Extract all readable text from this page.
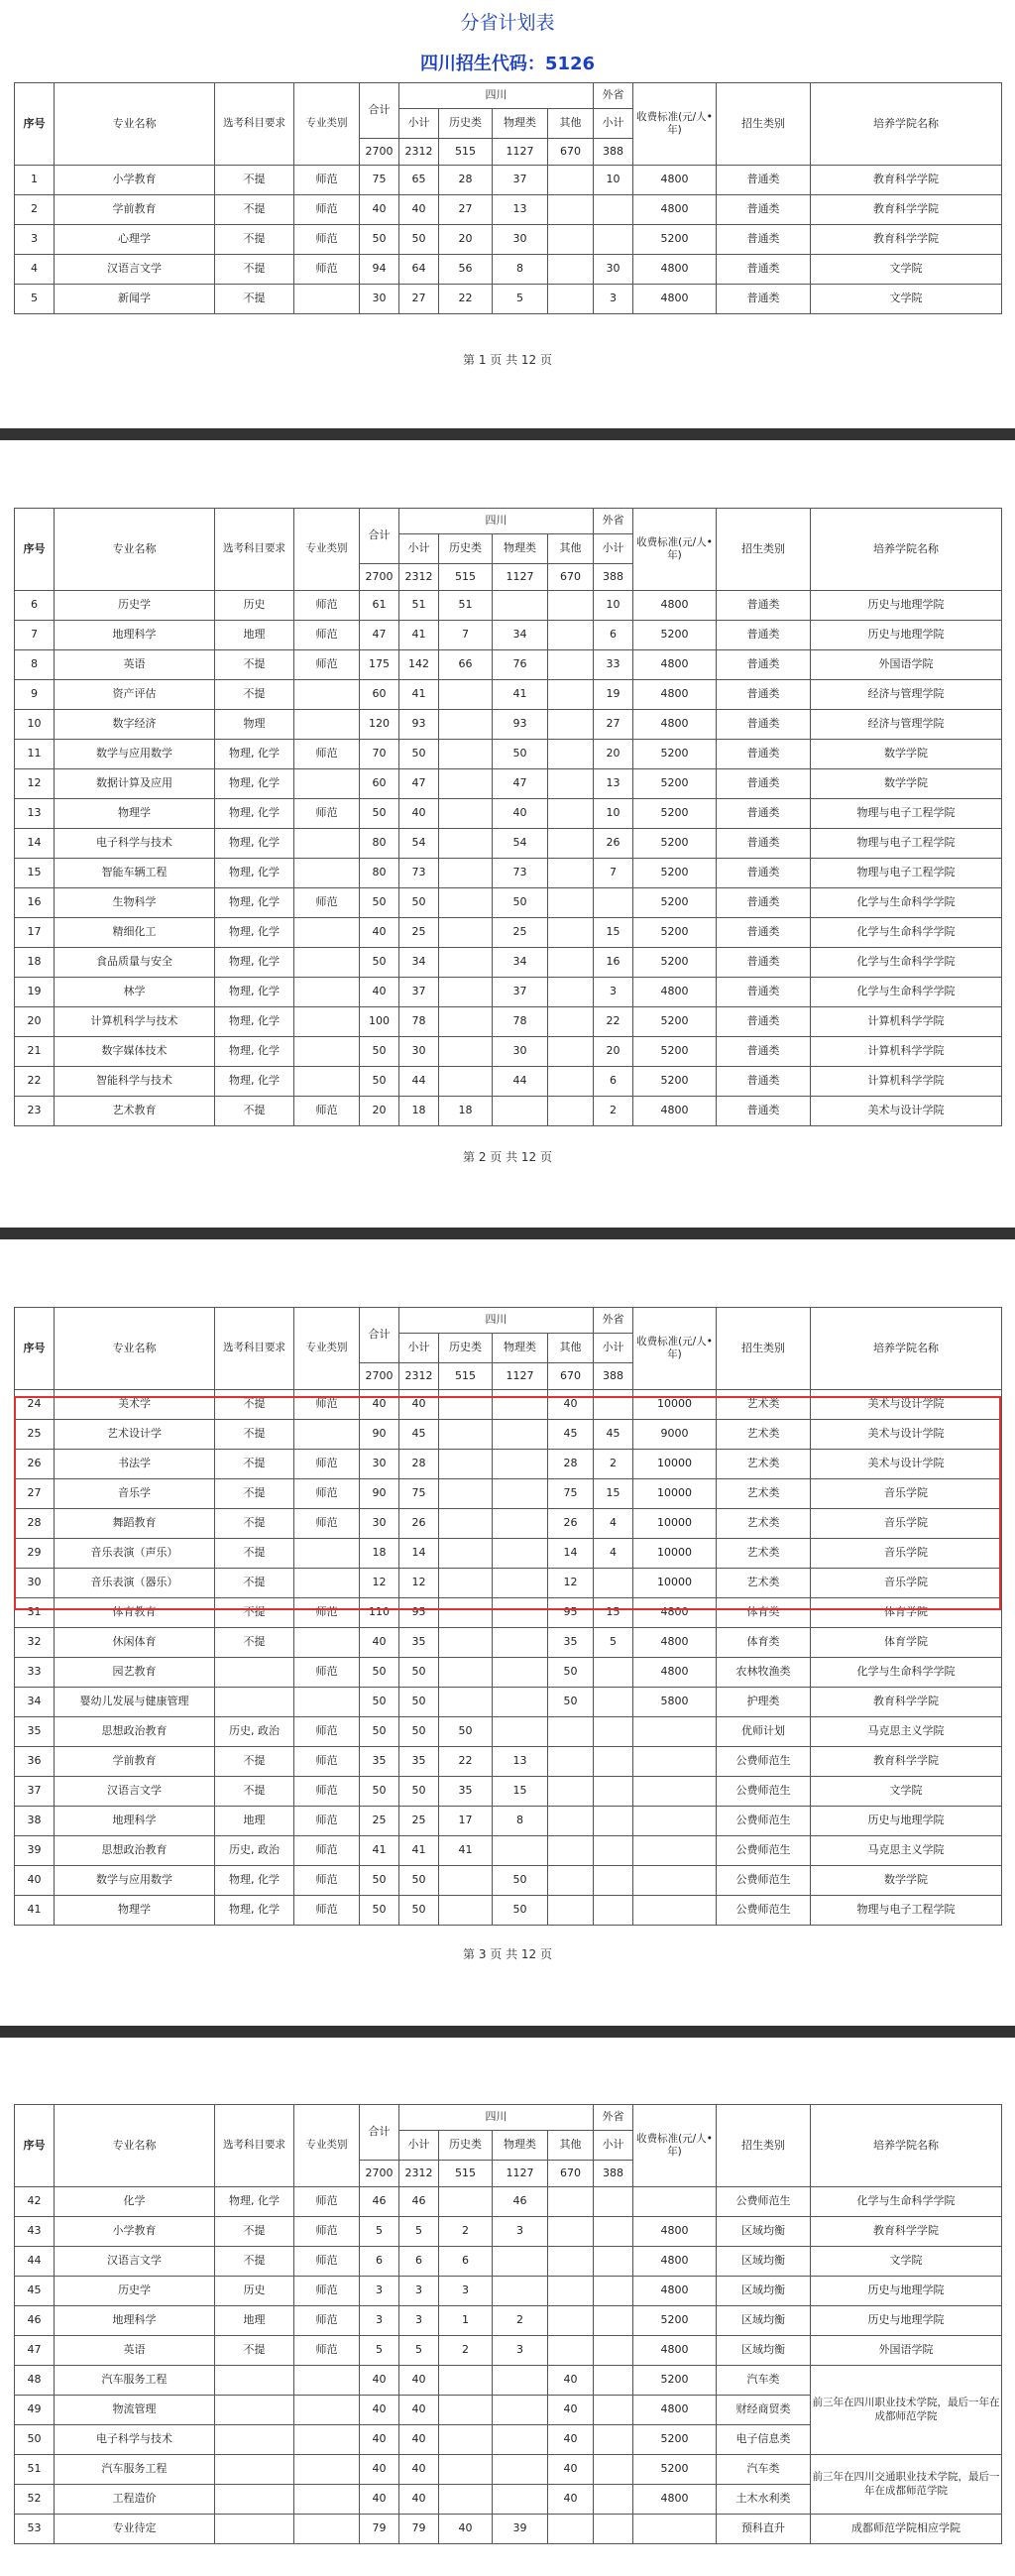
分省计划表
四川招生代码：5126
序号	专业名称	选考科目要求	专业类别	合计	四川				外省	收费标准(元/人•年)	招生类别	培养学院名称
					小计	历史类	物理类	其他	小计			
				2700	2312	515	1127	670	388			
1	小学教育	不提	师范	75	65	28	37		10	4800	普通类	教育科学学院
2	学前教育	不提	师范	40	40	27	13			4800	普通类	教育科学学院
3	心理学	不提	师范	50	50	20	30			5200	普通类	教育科学学院
4	汉语言文学	不提	师范	94	64	56	8		30	4800	普通类	文学院
5	新闻学	不提		30	27	22	5		3	4800	普通类	文学院
第 1 页 共 12 页
序号	专业名称	选考科目要求	专业类别	合计	四川				外省	收费标准(元/人•年)	招生类别	培养学院名称
					小计	历史类	物理类	其他	小计			
				2700	2312	515	1127	670	388			
6	历史学	历史	师范	61	51	51			10	4800	普通类	历史与地理学院
7	地理科学	地理	师范	47	41	7	34		6	5200	普通类	历史与地理学院
8	英语	不提	师范	175	142	66	76		33	4800	普通类	外国语学院
9	资产评估	不提		60	41		41		19	4800	普通类	经济与管理学院
10	数字经济	物理		120	93		93		27	4800	普通类	经济与管理学院
11	数学与应用数学	物理, 化学	师范	70	50		50		20	5200	普通类	数学学院
12	数据计算及应用	物理, 化学		60	47		47		13	5200	普通类	数学学院
13	物理学	物理, 化学	师范	50	40		40		10	5200	普通类	物理与电子工程学院
14	电子科学与技术	物理, 化学		80	54		54		26	5200	普通类	物理与电子工程学院
15	智能车辆工程	物理, 化学		80	73		73		7	5200	普通类	物理与电子工程学院
16	生物科学	物理, 化学	师范	50	50		50			5200	普通类	化学与生命科学学院
17	精细化工	物理, 化学		40	25		25		15	5200	普通类	化学与生命科学学院
18	食品质量与安全	物理, 化学		50	34		34		16	5200	普通类	化学与生命科学学院
19	林学	物理, 化学		40	37		37		3	4800	普通类	化学与生命科学学院
20	计算机科学与技术	物理, 化学		100	78		78		22	5200	普通类	计算机科学学院
21	数字媒体技术	物理, 化学		50	30		30		20	5200	普通类	计算机科学学院
22	智能科学与技术	物理, 化学		50	44		44		6	5200	普通类	计算机科学学院
23	艺术教育	不提	师范	20	18	18			2	4800	普通类	美术与设计学院
第 2 页 共 12 页
序号	专业名称	选考科目要求	专业类别	合计	四川				外省	收费标准(元/人•年)	招生类别	培养学院名称
					小计	历史类	物理类	其他	小计			
				2700	2312	515	1127	670	388			
24	美术学	不提	师范	40	40			40		10000	艺术类	美术与设计学院
25	艺术设计学	不提		90	45			45	45	9000	艺术类	美术与设计学院
26	书法学	不提	师范	30	28			28	2	10000	艺术类	美术与设计学院
27	音乐学	不提	师范	90	75			75	15	10000	艺术类	音乐学院
28	舞蹈教育	不提	师范	30	26			26	4	10000	艺术类	音乐学院
29	音乐表演（声乐）	不提		18	14			14	4	10000	艺术类	音乐学院
30	音乐表演（器乐）	不提		12	12			12		10000	艺术类	音乐学院
31	体育教育	不提	师范	110	95			95	15	4800	体育类	体育学院
32	休闲体育	不提		40	35			35	5	4800	体育类	体育学院
33	园艺教育		师范	50	50			50		4800	农林牧渔类	化学与生命科学学院
34	婴幼儿发展与健康管理			50	50			50		5800	护理类	教育科学学院
35	思想政治教育	历史, 政治	师范	50	50	50					优师计划	马克思主义学院
36	学前教育	不提	师范	35	35	22	13				公费师范生	教育科学学院
37	汉语言文学	不提	师范	50	50	35	15				公费师范生	文学院
38	地理科学	地理	师范	25	25	17	8				公费师范生	历史与地理学院
39	思想政治教育	历史, 政治	师范	41	41	41					公费师范生	马克思主义学院
40	数学与应用数学	物理, 化学	师范	50	50		50				公费师范生	数学学院
41	物理学	物理, 化学	师范	50	50		50				公费师范生	物理与电子工程学院
第 3 页 共 12 页
序号	专业名称	选考科目要求	专业类别	合计	四川				外省	收费标准(元/人•年)	招生类别	培养学院名称
					小计	历史类	物理类	其他	小计			
				2700	2312	515	1127	670	388			
42	化学	物理, 化学	师范	46	46		46				公费师范生	化学与生命科学学院
43	小学教育	不提	师范	5	5	2	3			4800	区域均衡	教育科学学院
44	汉语言文学	不提	师范	6	6	6				4800	区域均衡	文学院
45	历史学	历史	师范	3	3	3				4800	区域均衡	历史与地理学院
46	地理科学	地理	师范	3	3	1	2			5200	区域均衡	历史与地理学院
47	英语	不提	师范	5	5	2	3			4800	区域均衡	外国语学院
48	汽车服务工程			40	40			40		5200	汽车类	前三年在四川职业技术学院，最后一年在成都师范学院
49	物流管理			40	40			40		4800	财经商贸类	
50	电子科学与技术			40	40			40		5200	电子信息类	
51	汽车服务工程			40	40			40		5200	汽车类	前三年在四川交通职业技术学院，最后一年在成都师范学院
52	工程造价			40	40			40		4800	土木水利类	
53	专业待定			79	79	40	39				预科直升	成都师范学院相应学院
